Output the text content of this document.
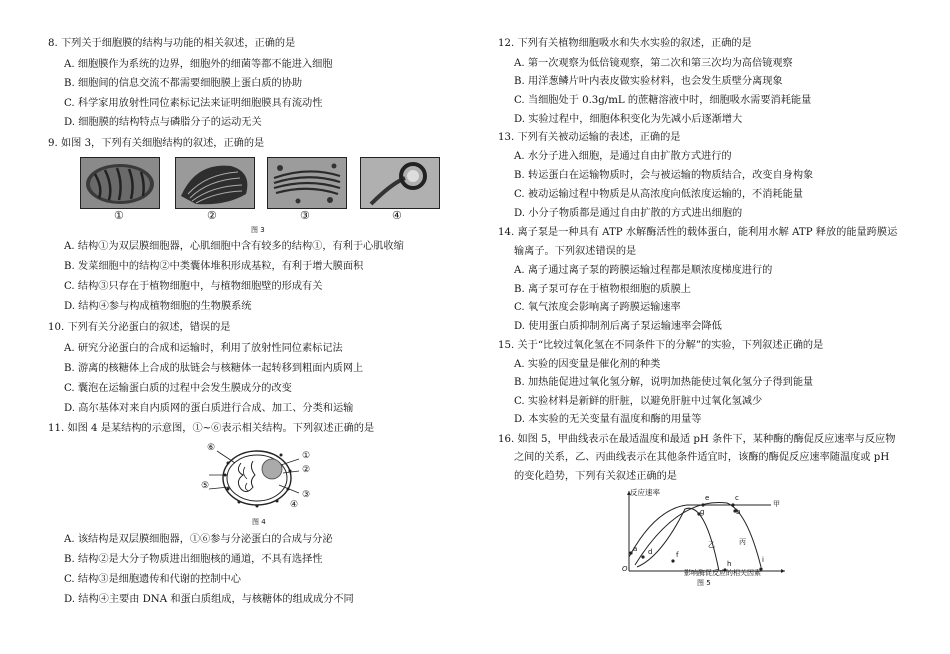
8. 下列关于细胞膜的结构与功能的相关叙述，正确的是
A. 细胞膜作为系统的边界，细胞外的细菌等都不能进入细胞
B. 细胞间的信息交流不都需要细胞膜上蛋白质的协助
C. 科学家用放射性同位素标记法来证明细胞膜具有流动性
D. 细胞膜的结构特点与磷脂分子的运动无关
9. 如图 3，下列有关细胞结构的叙述，正确的是
①	②	③	④
图 3
A. 结构①为双层膜细胞器，心肌细胞中含有较多的结构①，有利于心肌收缩
B. 发菜细胞中的结构②中类囊体堆积形成基粒，有利于增大膜面积
C. 结构③只存在于植物细胞中，与植物细胞壁的形成有关
D. 结构④参与构成植物细胞的生物膜系统
10. 下列有关分泌蛋白的叙述，错误的是
A. 研究分泌蛋白的合成和运输时，利用了放射性同位素标记法
B. 游离的核糖体上合成的肽链会与核糖体一起转移到粗面内质网上
C. 囊泡在运输蛋白质的过程中会发生膜成分的改变
D. 高尔基体对来自内质网的蛋白质进行合成、加工、分类和运输
11. 如图 4 是某结构的示意图，①~⑥表示相关结构。下列叙述正确的是
⑥
①
②
③
④
⑤
图 4
A. 该结构是双层膜细胞器，①⑥参与分泌蛋白的合成与分泌
B. 结构②是大分子物质进出细胞核的通道，不具有选择性
C. 结构③是细胞遗传和代谢的控制中心
D. 结构④主要由 DNA 和蛋白质组成，与核糖体的组成成分不同
12. 下列有关植物细胞吸水和失水实验的叙述，正确的是
A. 第一次观察为低倍镜观察，第二次和第三次均为高倍镜观察
B. 用洋葱鳞片叶内表皮做实验材料，也会发生质壁分离现象
C. 当细胞处于 0.3g/mL 的蔗糖溶液中时，细胞吸水需要消耗能量
D. 实验过程中，细胞体积变化为先减小后逐渐增大
13. 下列有关被动运输的表述，正确的是
A. 水分子进入细胞，是通过自由扩散方式进行的
B. 转运蛋白在运输物质时，会与被运输的物质结合，改变自身构象
C. 被动运输过程中物质是从高浓度向低浓度运输的，不消耗能量
D. 小分子物质都是通过自由扩散的方式进出细胞的
14. 离子泵是一种具有 ATP 水解酶活性的载体蛋白，能利用水解 ATP 释放的能量跨膜运
输离子。下列叙述错误的是
A. 离子通过离子泵的跨膜运输过程都是顺浓度梯度进行的
B. 离子泵可存在于植物根细胞的质膜上
C. 氧气浓度会影响离子跨膜运输速率
D. 使用蛋白质抑制剂后离子泵运输速率会降低
15. 关于“比较过氧化氢在不同条件下的分解”的实验，下列叙述正确的是
A. 实验的因变量是催化剂的种类
B. 加热能促进过氧化氢分解，说明加热能使过氧化氢分子得到能量
C. 实验材料是新鲜的肝脏，以避免肝脏中过氧化氢减少
D. 本实验的无关变量有温度和酶的用量等
16. 如图 5，甲曲线表示在最适温度和最适 pH 条件下，某种酶的酶促反应速率与反应物
之间的关系，乙、丙曲线表示在其他条件适宜时，该酶的酶促反应速率随温度或 pH
的变化趋势，下列有关叙述正确的是
反应速率
影响酶促反应的相关因素
O
甲
乙	丙
a
b
c
d
e
f
g
h	i
图 5
